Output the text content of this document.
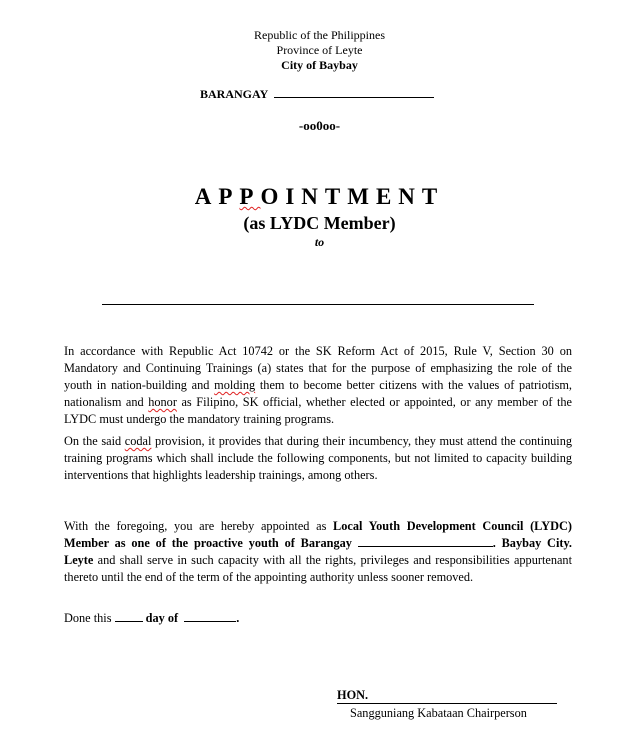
Republic of the Philippines
Province of Leyte
City of Baybay
BARANGAY
-oo0oo-
APPOINTMENT
(as LYDC Member)
to
In accordance with Republic Act 10742 or the SK Reform Act of 2015, Rule V, Section 30 on Mandatory and Continuing Trainings (a) states that for the purpose of emphasizing the role of the youth in nation-building and molding them to become better citizens with the values of patriotism, nationalism and honor as Filipino, SK official, whether elected or appointed, or any member of the LYDC must undergo the mandatory training programs.
On the said codal provision, it provides that during their incumbency, they must attend the continuing training programs which shall include the following components, but not limited to capacity building interventions that highlights leadership trainings, among others.
With the foregoing, you are hereby appointed as Local Youth Development Council (LYDC) Member as one of the proactive youth of Barangay	. Baybay City. Leyte and shall serve in such capacity with all the rights, privileges and responsibilities appurtenant thereto until the end of the term of the appointing authority unless sooner removed.
Done this	day of	.
HON.
Sangguniang Kabataan Chairperson
